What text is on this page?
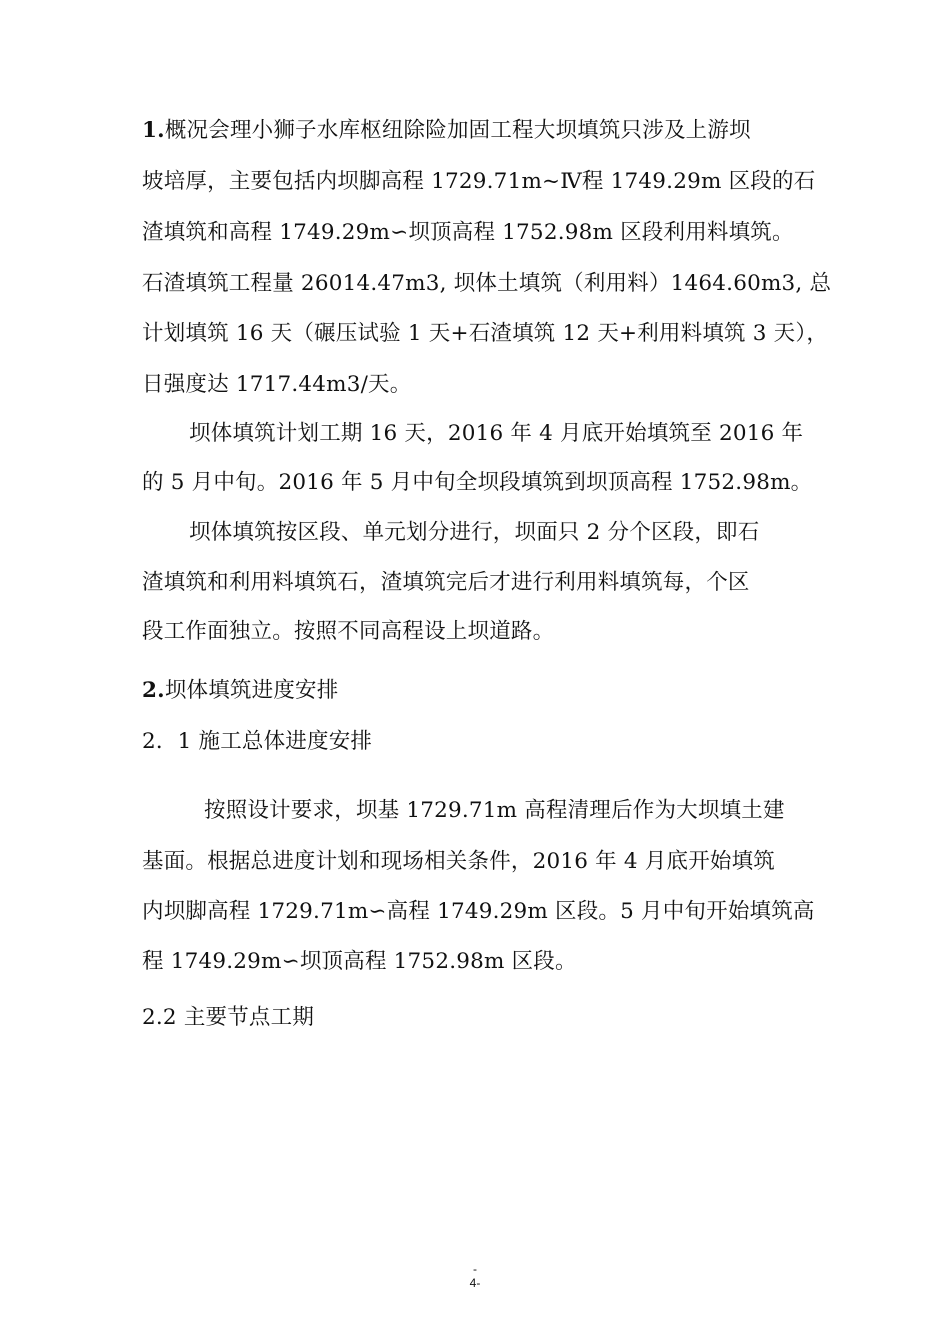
1.概况会理小狮子水库枢纽除险加固工程大坝填筑只涉及上游坝
坡培厚，主要包括内坝脚高程 1729.71m~Ⅳ程 1749.29m 区段的石
渣填筑和高程 1749.29m∽坝顶高程 1752.98m 区段利用料填筑。
石渣填筑工程量 26014.47m3, 坝体土填筑（利用料）1464.60m3, 总
计划填筑 16 天（碾压试验 1 天+石渣填筑 12 天+利用料填筑 3 天），
日强度达 1717.44m3/天。
坝体填筑计划工期 16 天，2016 年 4 月底开始填筑至 2016 年
的 5 月中旬。2016 年 5 月中旬全坝段填筑到坝顶高程 1752.98m。
坝体填筑按区段、单元划分进行，坝面只 2 分个区段，即石
渣填筑和利用料填筑石，渣填筑完后才进行利用料填筑每，个区
段工作面独立。按照不同高程设上坝道路。
2.坝体填筑进度安排
2．1 施工总体进度安排
按照设计要求，坝基 1729.71m 高程清理后作为大坝填土建
基面。根据总进度计划和现场相关条件，2016 年 4 月底开始填筑
内坝脚高程 1729.71m∽高程 1749.29m 区段。5 月中旬开始填筑高
程 1749.29m∽坝顶高程 1752.98m 区段。
2.2 主要节点工期
-
4-
